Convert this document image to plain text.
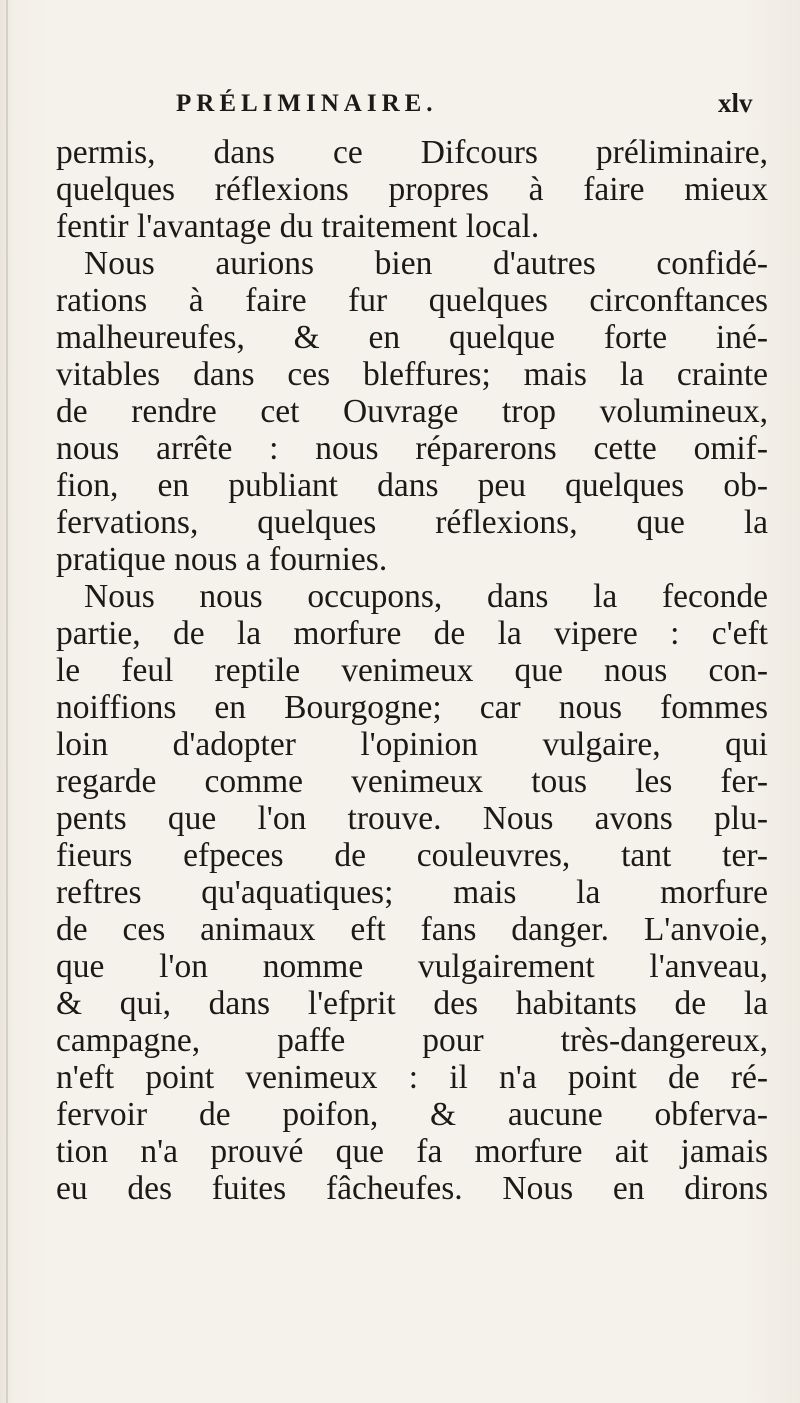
PRÉLIMINAIRE.	xlv
permis, dans ce Difcours préliminaire,
quelques réflexions propres à faire mieux
fentir l'avantage du traitement local.
Nous aurions bien d'autres confidé-
rations à faire fur quelques circonftances
malheureufes, & en quelque forte iné-
vitables dans ces bleffures; mais la crainte
de rendre cet Ouvrage trop volumineux,
nous arrête : nous réparerons cette omif-
fion, en publiant dans peu quelques ob-
fervations, quelques réflexions, que la
pratique nous a fournies.
Nous nous occupons, dans la feconde
partie, de la morfure de la vipere : c'eft
le feul reptile venimeux que nous con-
noiffions en Bourgogne; car nous fommes
loin d'adopter l'opinion vulgaire, qui
regarde comme venimeux tous les fer-
pents que l'on trouve. Nous avons plu-
fieurs efpeces de couleuvres, tant ter-
reftres qu'aquatiques; mais la morfure
de ces animaux eft fans danger. L'anvoie,
que l'on nomme vulgairement l'anveau,
& qui, dans l'efprit des habitants de la
campagne, paffe pour très-dangereux,
n'eft point venimeux : il n'a point de ré-
fervoir de poifon, & aucune obferva-
tion n'a prouvé que fa morfure ait jamais
eu des fuites fâcheufes. Nous en dirons
